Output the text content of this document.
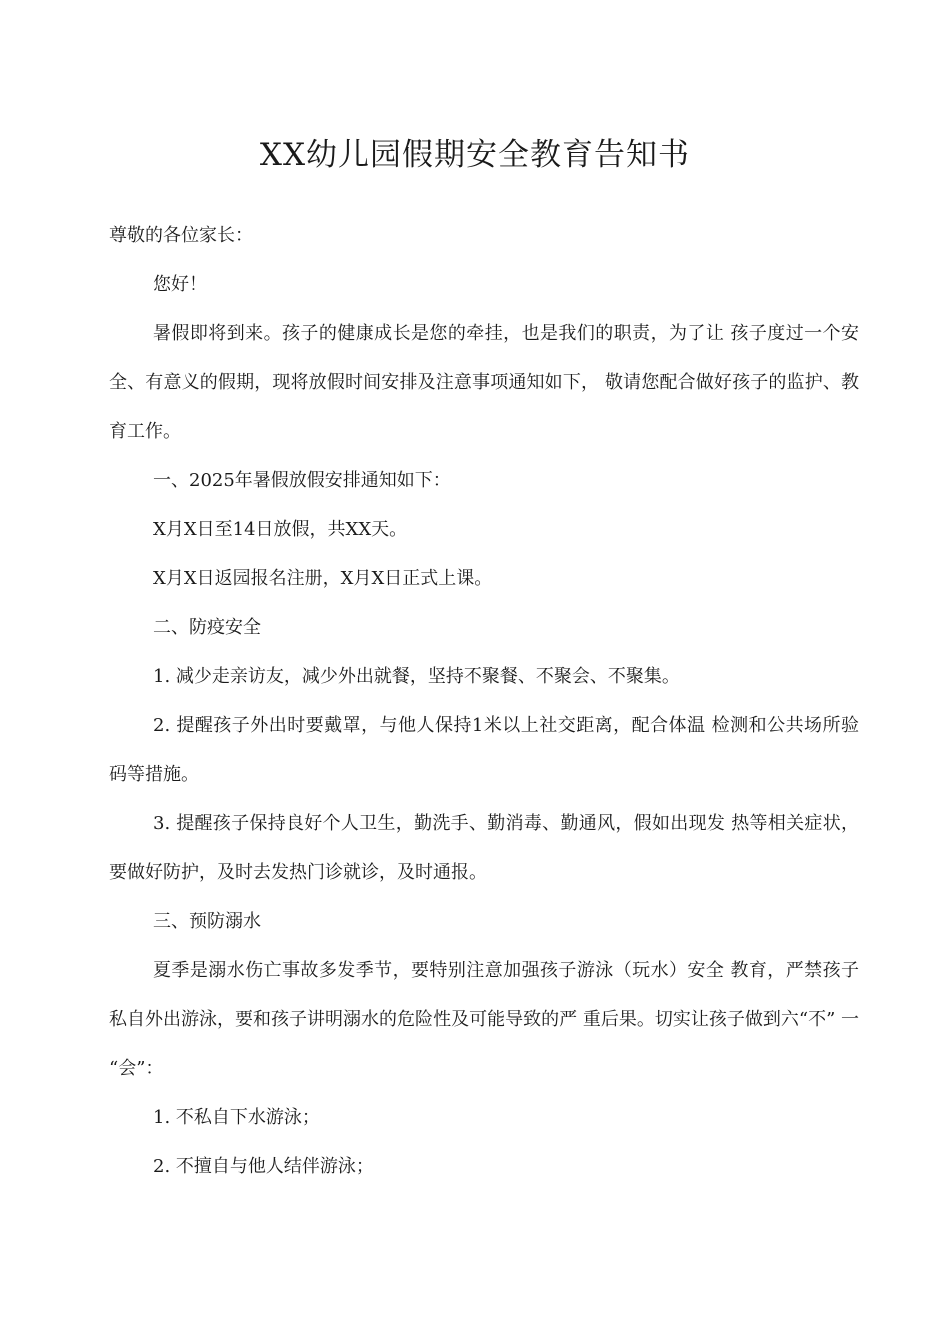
XX幼儿园假期安全教育告知书

尊敬的各位家长：

您好！

暑假即将到来。孩子的健康成长是您的牵挂，也是我们的职责，为了让 孩子度过一个安全、有意义的假期，现将放假时间安排及注意事项通知如下， 敬请您配合做好孩子的监护、教育工作。

一、2025年暑假放假安排通知如下：

X月X日至14日放假，共XX天。

X月X日返园报名注册，X月X日正式上课。

二、防疫安全

1. 减少走亲访友，减少外出就餐，坚持不聚餐、不聚会、不聚集。

2. 提醒孩子外出时要戴罩，与他人保持1米以上社交距离，配合体温 检测和公共场所验码等措施。

3. 提醒孩子保持良好个人卫生，勤洗手、勤消毒、勤通风，假如出现发 热等相关症状，要做好防护，及时去发热门诊就诊，及时通报。

三、预防溺水

夏季是溺水伤亡事故多发季节，要特别注意加强孩子游泳（玩水）安全 教育，严禁孩子私自外出游泳，要和孩子讲明溺水的危险性及可能导致的严 重后果。切实让孩子做到六“不” 一 “会”：

1. 不私自下水游泳；

2. 不擅自与他人结伴游泳；
